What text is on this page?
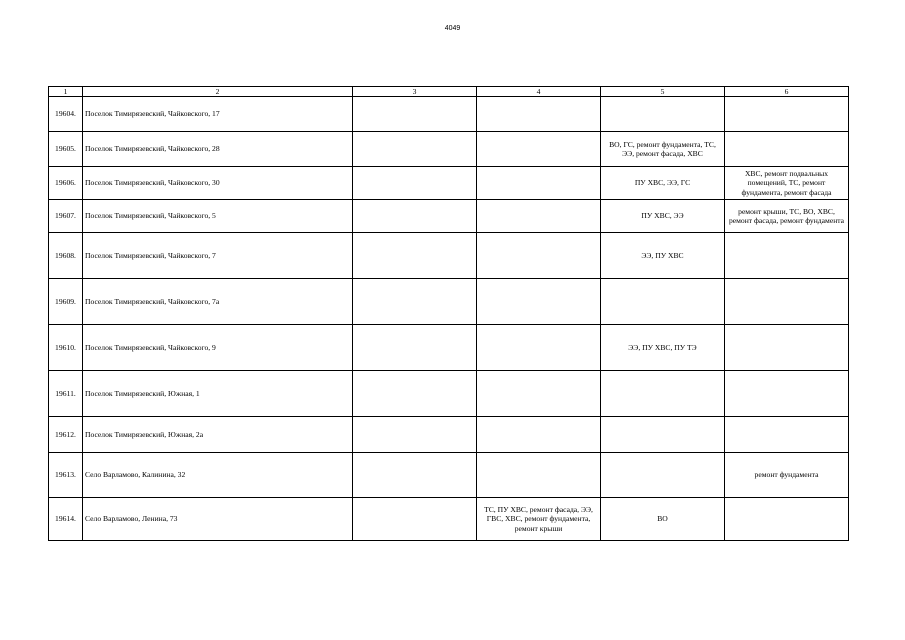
4049
1	2	3	4	5	6
19604.	Поселок Тимирязевский, Чайковского, 17				
19605.	Поселок Тимирязевский, Чайковского, 28			ВО, ГС, ремонт фундамента, ТС, ЭЭ, ремонт фасада, ХВС	
19606.	Поселок Тимирязевский, Чайковского, 30			ПУ ХВС, ЭЭ, ГС	ХВС, ремонт подвальных помещений, ТС, ремонт фундамента, ремонт фасада
19607.	Поселок Тимирязевский, Чайковского, 5			ПУ ХВС, ЭЭ	ремонт крыши, ТС, ВО, ХВС, ремонт фасада, ремонт фундамента
19608.	Поселок Тимирязевский, Чайковского, 7			ЭЭ, ПУ ХВС	
19609.	Поселок Тимирязевский, Чайковского, 7а				
19610.	Поселок Тимирязевский, Чайковского, 9			ЭЭ, ПУ ХВС, ПУ ТЭ	
19611.	Поселок Тимирязевский, Южная, 1				
19612.	Поселок Тимирязевский, Южная, 2а				
19613.	Село Варламово, Калинина, 32				ремонт фундамента
19614.	Село Варламово, Ленина, 73		ТС, ПУ ХВС, ремонт фасада, ЭЭ, ГВС, ХВС, ремонт фундамента, ремонт крыши	ВО	
